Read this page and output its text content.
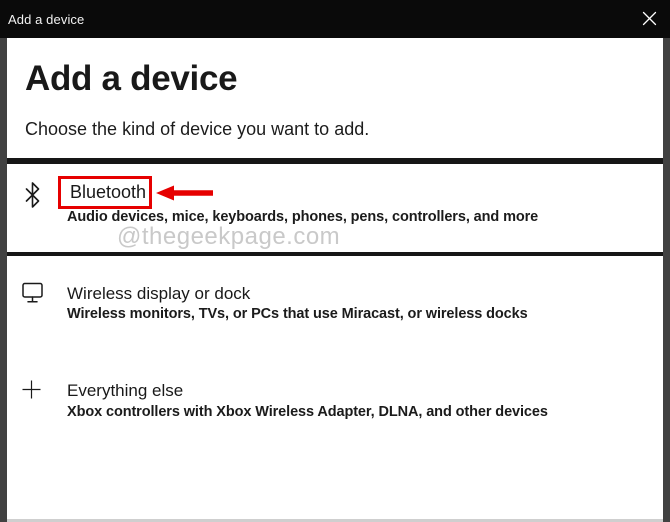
Add a device
Add a device

Choose the kind of device you want to add.

Bluetooth

Audio devices, mice, keyboards, phones, pens, controllers, and more

@thegeekpage.com

Wireless display or dock

Wireless monitors, TVs, or PCs that use Miracast, or wireless docks

Everything else

Xbox controllers with Xbox Wireless Adapter, DLNA, and other devices
